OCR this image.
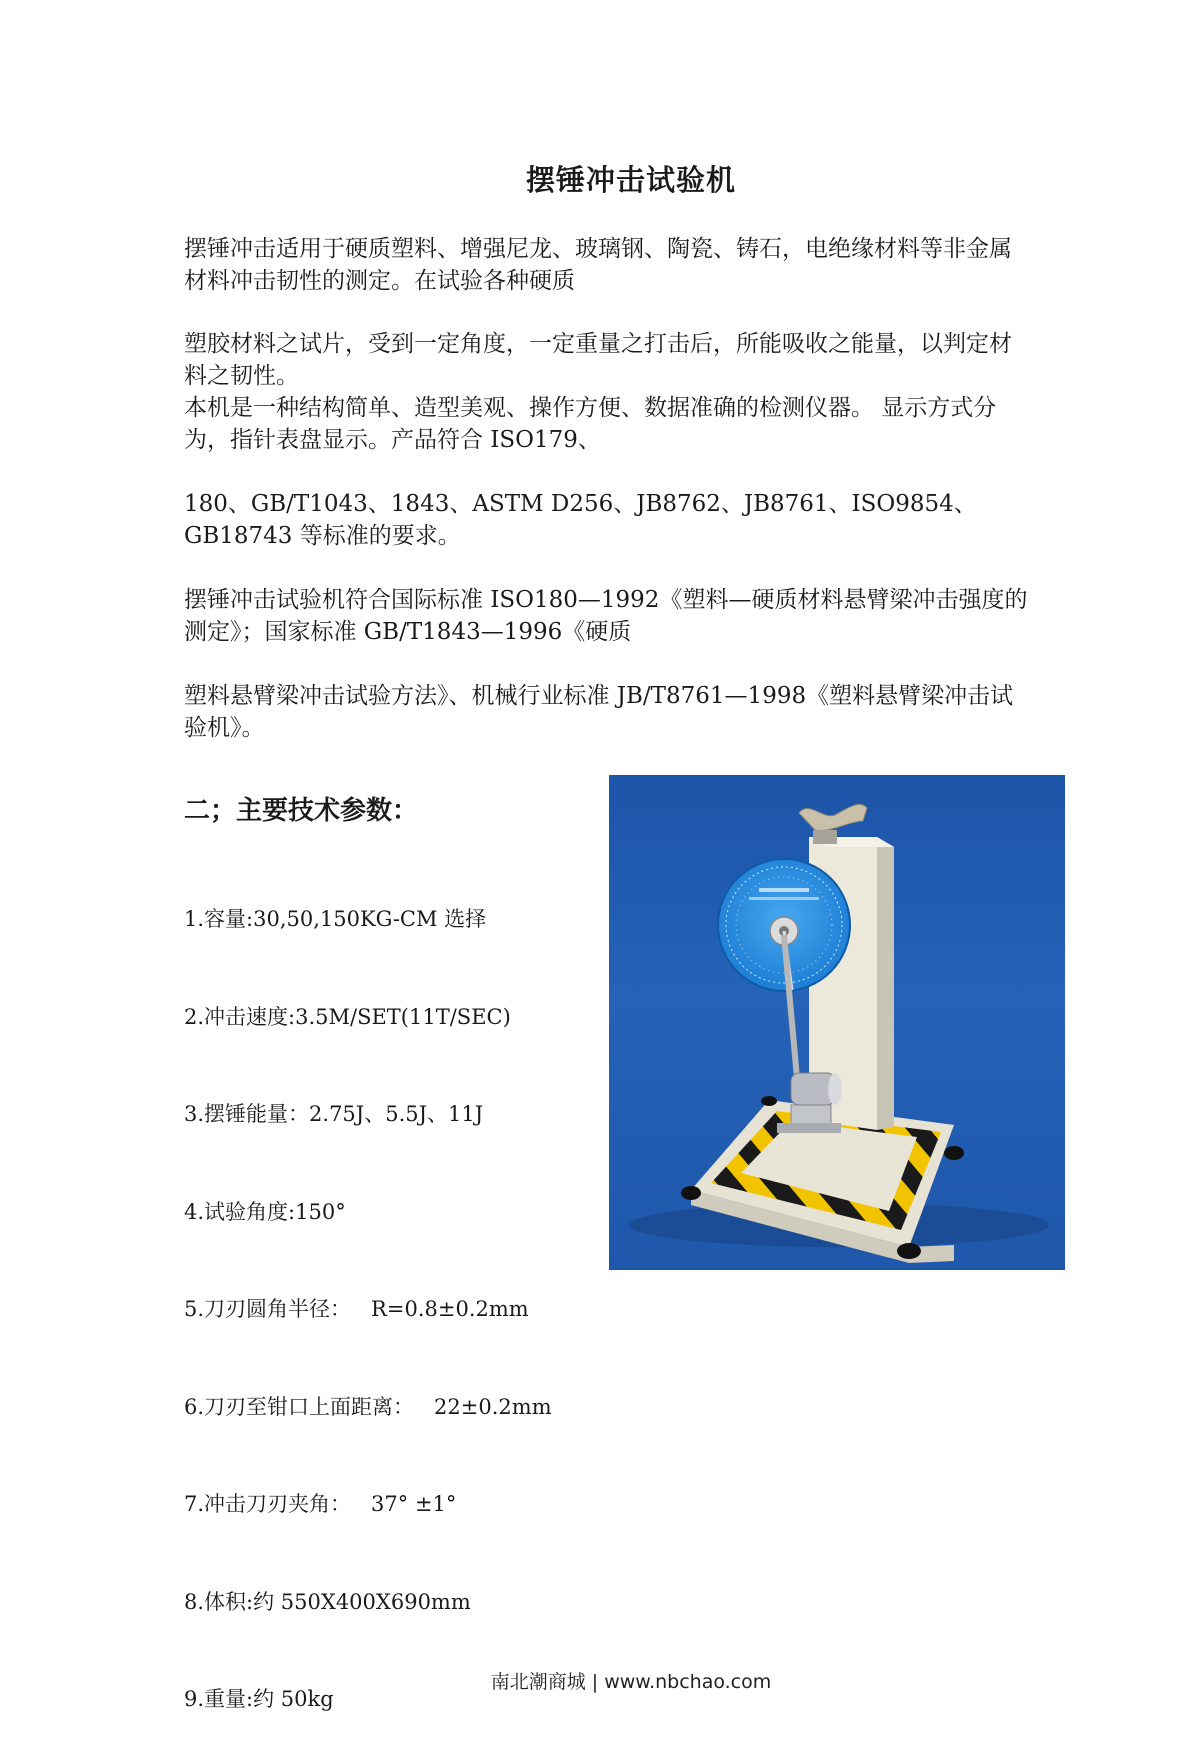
摆锤冲击试验机

摆锤冲击适用于硬质塑料、增强尼龙、玻璃钢、陶瓷、铸石，电绝缘材料等非金属材料冲击韧性的测定。在试验各种硬质

塑胶材料之试片，受到一定角度，一定重量之打击后，所能吸收之能量，以判定材料之韧性。
本机是一种结构简单、造型美观、操作方便、数据准确的检测仪器。 显示方式分为，指针表盘显示。产品符合 ISO179、

180、GB/T1043、1843、ASTM D256、JB8762、JB8761、ISO9854、GB18743 等标准的要求。

摆锤冲击试验机符合国际标准 ISO180—1992《塑料—硬质材料悬臂梁冲击强度的测定》；国家标准 GB/T1843—1996《硬质

塑料悬臂梁冲击试验方法》、机械行业标准 JB/T8761—1998《塑料悬臂梁冲击试验机》。

二；主要技术参数：

1.容量:30,50,150KG-CM 选择

2.冲击速度:3.5M/SET(11T/SEC)

3.摆锤能量：2.75J、5.5J、11J

4.试验角度:150°

5.刀刃圆角半径：   R=0.8±0.2mm

6.刀刃至钳口上面距离：   22±0.2mm

7.冲击刀刃夹角：   37° ±1°

8.体积:约 550X400X690mm

9.重量:约 50kg

南北潮商城 | www.nbchao.com
